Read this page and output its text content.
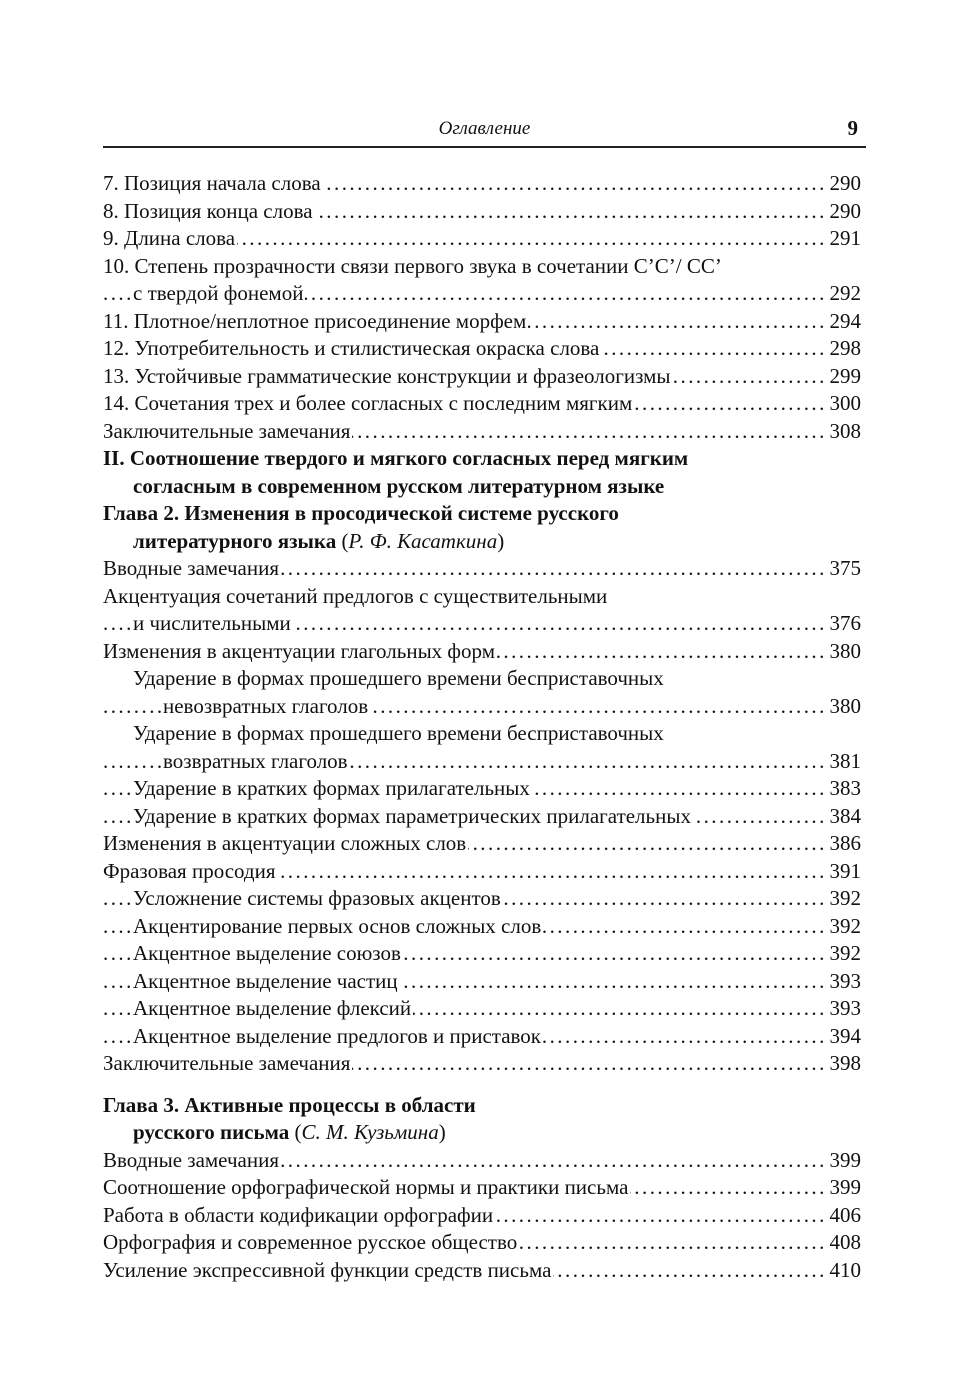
Оглавление	9
7. Позиция начала слова	290
. . .
8. Позиция конца слова	290
. . .
9. Длина слова	291
. . .
10. Степень прозрачности связи первого звука в сочетании С’С’/ СС’
с твердой фонемой	292
. . .
11. Плотное/неплотное присоединение морфем	294
. . .
12. Употребительность и стилистическая окраска слова	298
. . .
13. Устойчивые грамматические конструкции и фразеологизмы	299
. . .
14. Сочетания трех и более согласных с последним мягким	300
. . .
Заключительные замечания	308
. . .
II. Соотношение твердого и мягкого согласных перед мягким
согласным в современном русском литературном языке
Глава 2. Изменения в просодической системе русского
литературного языка (Р. Ф. Касаткина)
Вводные замечания	375
. . .
Акцентуация сочетаний предлогов с существительными
и числительными	376
. . .
Изменения в акцентуации глагольных форм	380
. . .
Ударение в формах прошедшего времени бесприставочных
невозвратных глаголов	380
. . .
Ударение в формах прошедшего времени бесприставочных
возвратных глаголов	381
. . .
Ударение в кратких формах прилагательных	383
. . .
Ударение в кратких формах параметрических прилагательных	384
. . .
Изменения в акцентуации сложных слов	386
. . .
Фразовая просодия	391
. . .
Усложнение системы фразовых акцентов	392
. . .
Акцентирование первых основ сложных слов	392
. . .
Акцентное выделение союзов	392
. . .
Акцентное выделение частиц	393
. . .
Акцентное выделение флексий	393
. . .
Акцентное выделение предлогов и приставок	394
. . .
Заключительные замечания	398
. . .
Глава 3. Активные процессы в области
русского письма (С. М. Кузьмина)
Вводные замечания	399
. . .
Соотношение орфографической нормы и практики письма	399
. . .
Работа в области кодификации орфографии	406
. . .
Орфография и современное русское общество	408
. . .
Усиление экспрессивной функции средств письма	410
. . .
